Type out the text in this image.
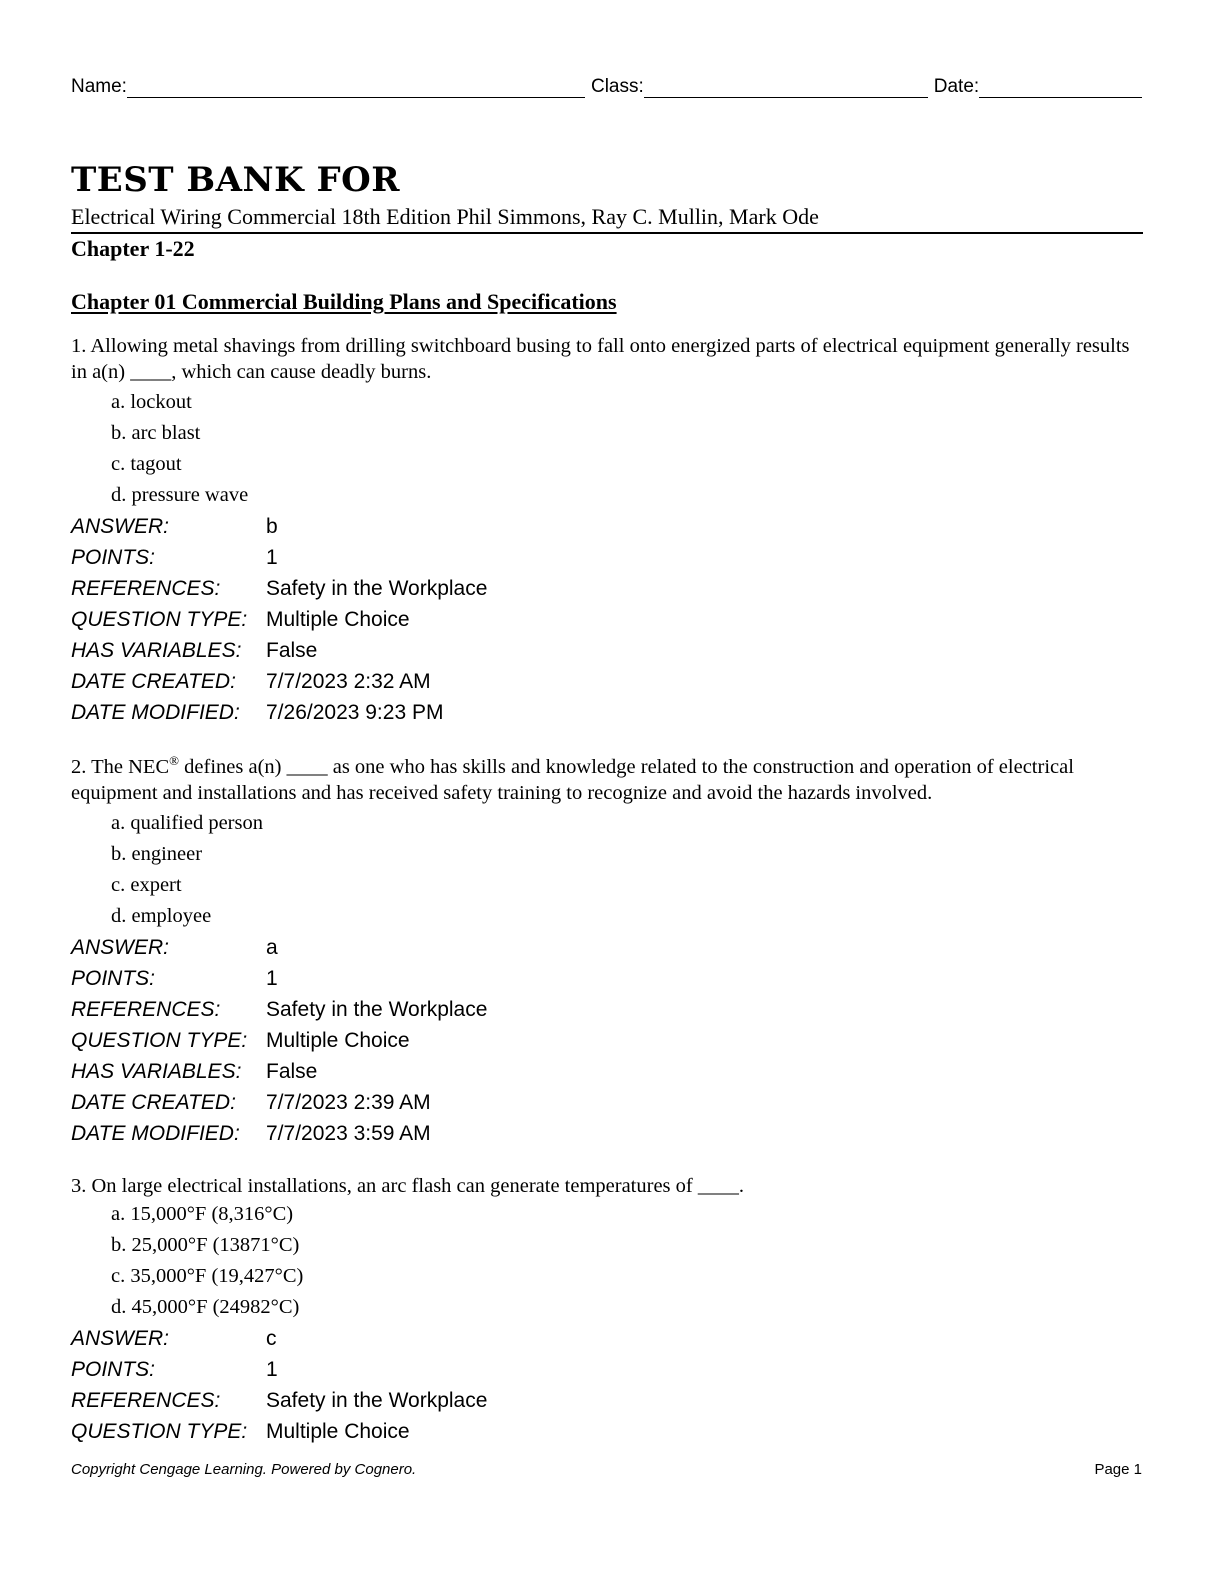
Name:	Class:	Date:
TEST BANK FOR
Electrical Wiring Commercial 18th Edition Phil Simmons, Ray C. Mullin, Mark Ode
Chapter 1-22
Chapter 01 Commercial Building Plans and Specifications

1. Allowing metal shavings from drilling switchboard busing to fall onto energized parts of electrical equipment generally results in a(n) ____, which can cause deadly burns.

a. lockout
b. arc blast
c. tagout
d. pressure wave
ANSWER:	b
POINTS:	1
REFERENCES:	Safety in the Workplace
QUESTION TYPE: Multiple Choice
HAS VARIABLES:	False
DATE CREATED:	7/7/2023 2:32 AM
DATE MODIFIED:	7/26/2023 9:23 PM

2. The NEC® defines a(n) ____ as one who has skills and knowledge related to the construction and operation of electrical equipment and installations and has received safety training to recognize and avoid the hazards involved.

a. qualified person
b. engineer
c. expert
d. employee
ANSWER:	a
POINTS:	1
REFERENCES:	Safety in the Workplace
QUESTION TYPE: Multiple Choice
HAS VARIABLES:	False
DATE CREATED:	7/7/2023 2:39 AM
DATE MODIFIED:	7/7/2023 3:59 AM

3. On large electrical installations, an arc flash can generate temperatures of ____.

a. 15,000°F (8,316°C)
b. 25,000°F (13871°C)
c. 35,000°F (19,427°C)
d. 45,000°F (24982°C)
ANSWER:	c
POINTS:	1
REFERENCES:	Safety in the Workplace
QUESTION TYPE: Multiple Choice
Copyright Cengage Learning. Powered by Cognero.	Page 1
